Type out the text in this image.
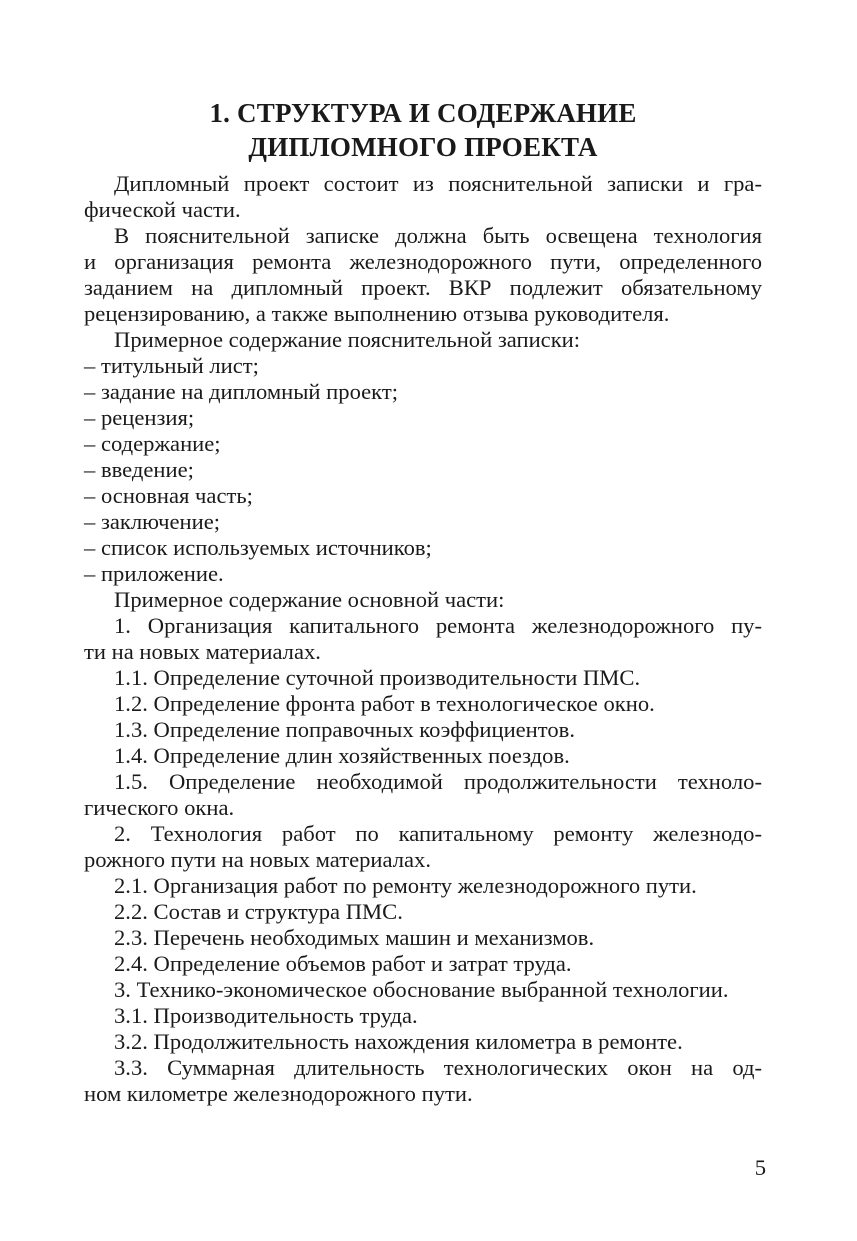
1. СТРУКТУРА И СОДЕРЖАНИЕ
ДИПЛОМНОГО ПРОЕКТА
Дипломный проект состоит из пояснительной записки и гра-
фической части.
В пояснительной записке должна быть освещена технология
и организация ремонта железнодорожного пути, определенного
заданием на дипломный проект. ВКР подлежит обязательному
рецензированию, а также выполнению отзыва руководителя.
Примерное содержание пояснительной записки:
– титульный лист;
– задание на дипломный проект;
– рецензия;
– содержание;
– введение;
– основная часть;
– заключение;
– список используемых источников;
– приложение.
Примерное содержание основной части:
1. Организация капитального ремонта железнодорожного пу-
ти на новых материалах.
1.1. Определение суточной производительности ПМС.
1.2. Определение фронта работ в технологическое окно.
1.3. Определение поправочных коэффициентов.
1.4. Определение длин хозяйственных поездов.
1.5. Определение необходимой продолжительности техноло-
гического окна.
2. Технология работ по капитальному ремонту железнодо-
рожного пути на новых материалах.
2.1. Организация работ по ремонту железнодорожного пути.
2.2. Состав и структура ПМС.
2.3. Перечень необходимых машин и механизмов.
2.4. Определение объемов работ и затрат труда.
3. Технико-экономическое обоснование выбранной технологии.
3.1. Производительность труда.
3.2. Продолжительность нахождения километра в ремонте.
3.3. Суммарная длительность технологических окон на од-
ном километре железнодорожного пути.
5
